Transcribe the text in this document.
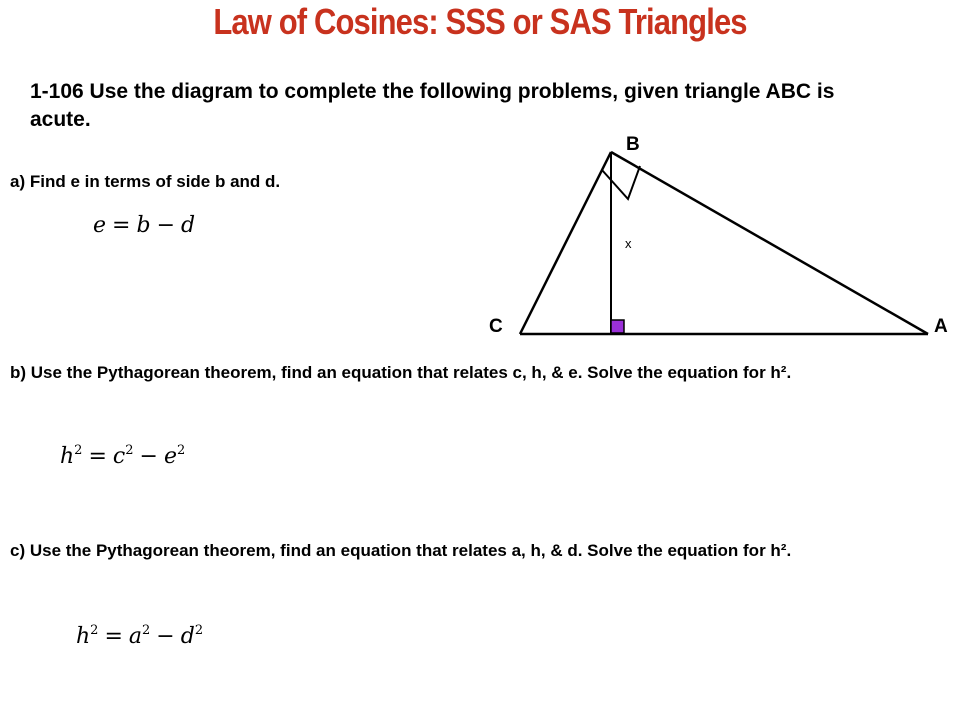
Law of Cosines: SSS or SAS Triangles
1-106 Use the diagram to complete the following problems, given triangle ABC is acute.
a) Find e in terms of side b and d.
e = b − d
b) Use the Pythagorean theorem, find an equation that relates c, h, & e. Solve the equation for h².
$h^2 = c^2 - e^2$
c) Use the Pythagorean theorem, find an equation that relates a, h, & d. Solve the equation for h².
$h^2 = a^2 - d^2$
B
C	A
x
